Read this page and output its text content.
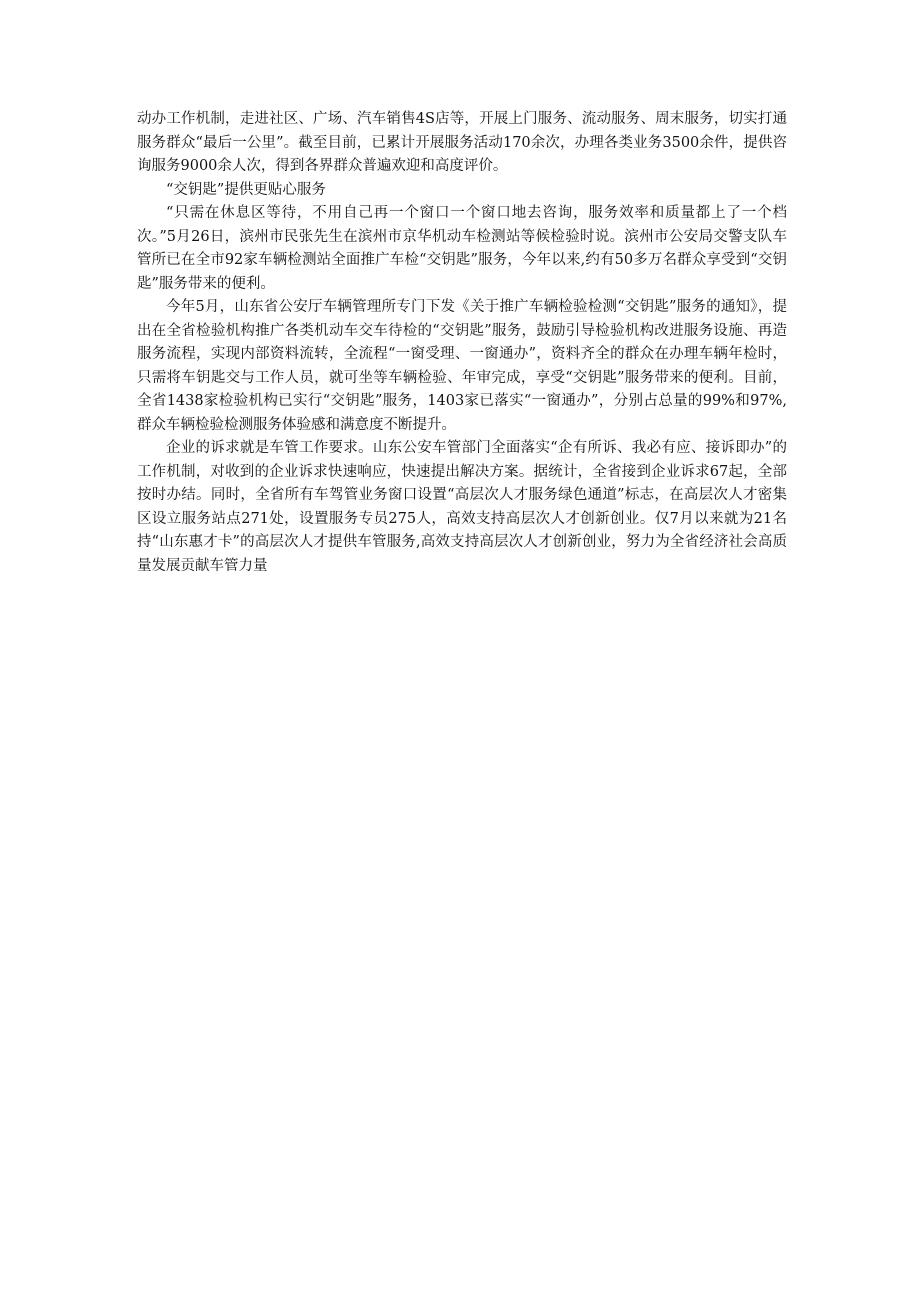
动办工作机制，走进社区、广场、汽车销售4S店等，开展上门服务、流动服务、周末服务，切实打通服务群众“最后一公里”。截至目前，已累计开展服务活动170余次，办理各类业务3500余件，提供咨询服务9000余人次，得到各界群众普遍欢迎和高度评价。

“交钥匙”提供更贴心服务

“只需在休息区等待，不用自己再一个窗口一个窗口地去咨询，服务效率和质量都上了一个档次。”5月26日，滨州市民张先生在滨州市京华机动车检测站等候检验时说。滨州市公安局交警支队车管所已在全市92家车辆检测站全面推广车检“交钥匙”服务，今年以来,约有50多万名群众享受到“交钥匙”服务带来的便利。

今年5月，山东省公安厅车辆管理所专门下发《关于推广车辆检验检测“交钥匙”服务的通知》，提出在全省检验机构推广各类机动车交车待检的“交钥匙”服务，鼓励引导检验机构改进服务设施、再造服务流程，实现内部资料流转，全流程“一窗受理、一窗通办”，资料齐全的群众在办理车辆年检时，只需将车钥匙交与工作人员，就可坐等车辆检验、年审完成，享受“交钥匙”服务带来的便利。目前，全省1438家检验机构已实行“交钥匙”服务，1403家已落实“一窗通办”，分别占总量的99%和97%,群众车辆检验检测服务体验感和满意度不断提升。

企业的诉求就是车管工作要求。山东公安车管部门全面落实“企有所诉、我必有应、接诉即办”的工作机制，对收到的企业诉求快速响应，快速提出解决方案。据统计，全省接到企业诉求67起，全部按时办结。同时，全省所有车驾管业务窗口设置“高层次人才服务绿色通道”标志，在高层次人才密集区设立服务站点271处，设置服务专员275人，高效支持高层次人才创新创业。仅7月以来就为21名持“山东惠才卡”的高层次人才提供车管服务,高效支持高层次人才创新创业，努力为全省经济社会高质量发展贡献车管力量
